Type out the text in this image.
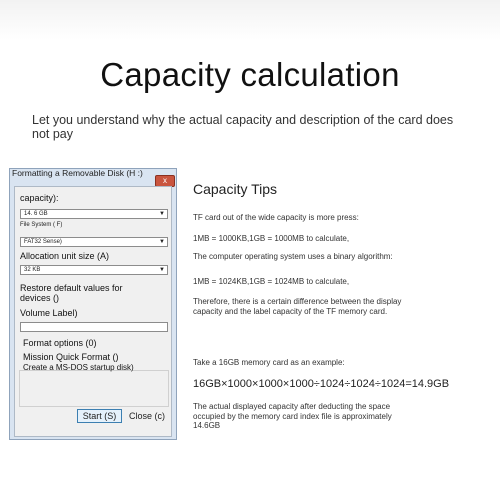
Capacity calculation
Let you understand why the actual capacity and description of the card does not pay
Formatting a Removable Disk (H :)
x
capacity):
14. 6 GB	▼
File System ( F)
FAT32 Sense)	▼
Allocation unit size (A)
32 KB	▼
Restore default values for devices ()
Volume Label)
Format options (0)
Mission Quick Format ()
Create a MS-DOS startup disk)
Start (S)	Close (c)
Capacity Tips
TF card out of the wide capacity is more press:
1MB = 1000KB,1GB = 1000MB to calculate,
The computer operating system uses a binary algorithm:
1MB = 1024KB,1GB = 1024MB to calculate,
Therefore, there is a certain difference between the display capacity and the label capacity of the TF memory card.
Take a 16GB memory card as an example:
16GB×1000×1000×1000÷1024÷1024÷1024=14.9GB
The actual displayed capacity after deducting the space occupied by the memory card index file is approximately 14.6GB
